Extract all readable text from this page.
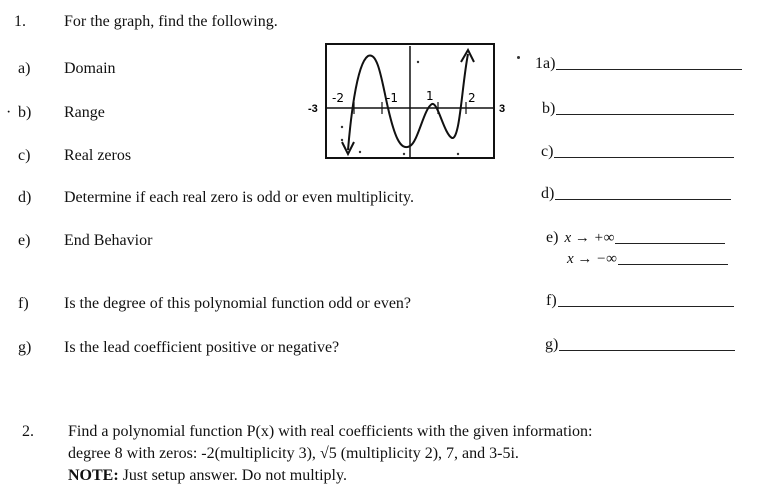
1. For the graph, find the following.
a) Domain	1a)
· b) Range	b)
c) Real zeros	c)
d) Determine if each real zero is odd or even multiplicity.	d)
e) End Behavior	e) x → +∞
x → −∞
f) Is the degree of this polynomial function odd or even?	f)
g) Is the lead coefficient positive or negative?	g)
-3	3
-2	-1 1	2
2. Find a polynomial function P(x) with real coefficients with the given information:
degree 8 with zeros: -2(multiplicity 3), √5 (multiplicity 2), 7, and 3-5i.
NOTE: Just setup answer. Do not multiply.
